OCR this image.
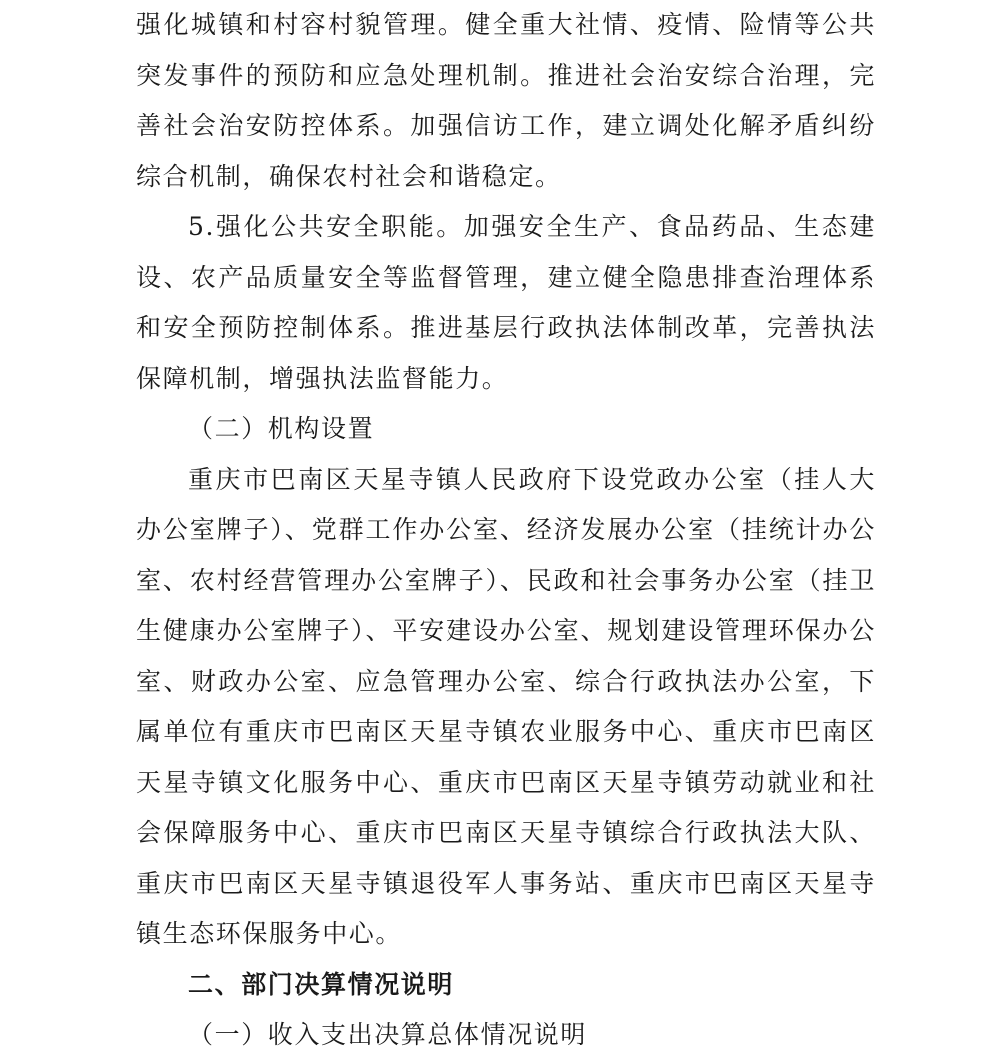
强化城镇和村容村貌管理。健全重大社情、疫情、险情等公共
突发事件的预防和应急处理机制。推进社会治安综合治理，完
善社会治安防控体系。加强信访工作，建立调处化解矛盾纠纷
综合机制，确保农村社会和谐稳定。

5.强化公共安全职能。加强安全生产、食品药品、生态建
设、农产品质量安全等监督管理，建立健全隐患排查治理体系
和安全预防控制体系。推进基层行政执法体制改革，完善执法
保障机制，增强执法监督能力。

（二）机构设置

重庆市巴南区天星寺镇人民政府下设党政办公室（挂人大
办公室牌子）、党群工作办公室、经济发展办公室（挂统计办公
室、农村经营管理办公室牌子）、民政和社会事务办公室（挂卫
生健康办公室牌子）、平安建设办公室、规划建设管理环保办公
室、财政办公室、应急管理办公室、综合行政执法办公室，下
属单位有重庆市巴南区天星寺镇农业服务中心、重庆市巴南区
天星寺镇文化服务中心、重庆市巴南区天星寺镇劳动就业和社
会保障服务中心、重庆市巴南区天星寺镇综合行政执法大队、
重庆市巴南区天星寺镇退役军人事务站、重庆市巴南区天星寺
镇生态环保服务中心。

二、部门决算情况说明

（一）收入支出决算总体情况说明
